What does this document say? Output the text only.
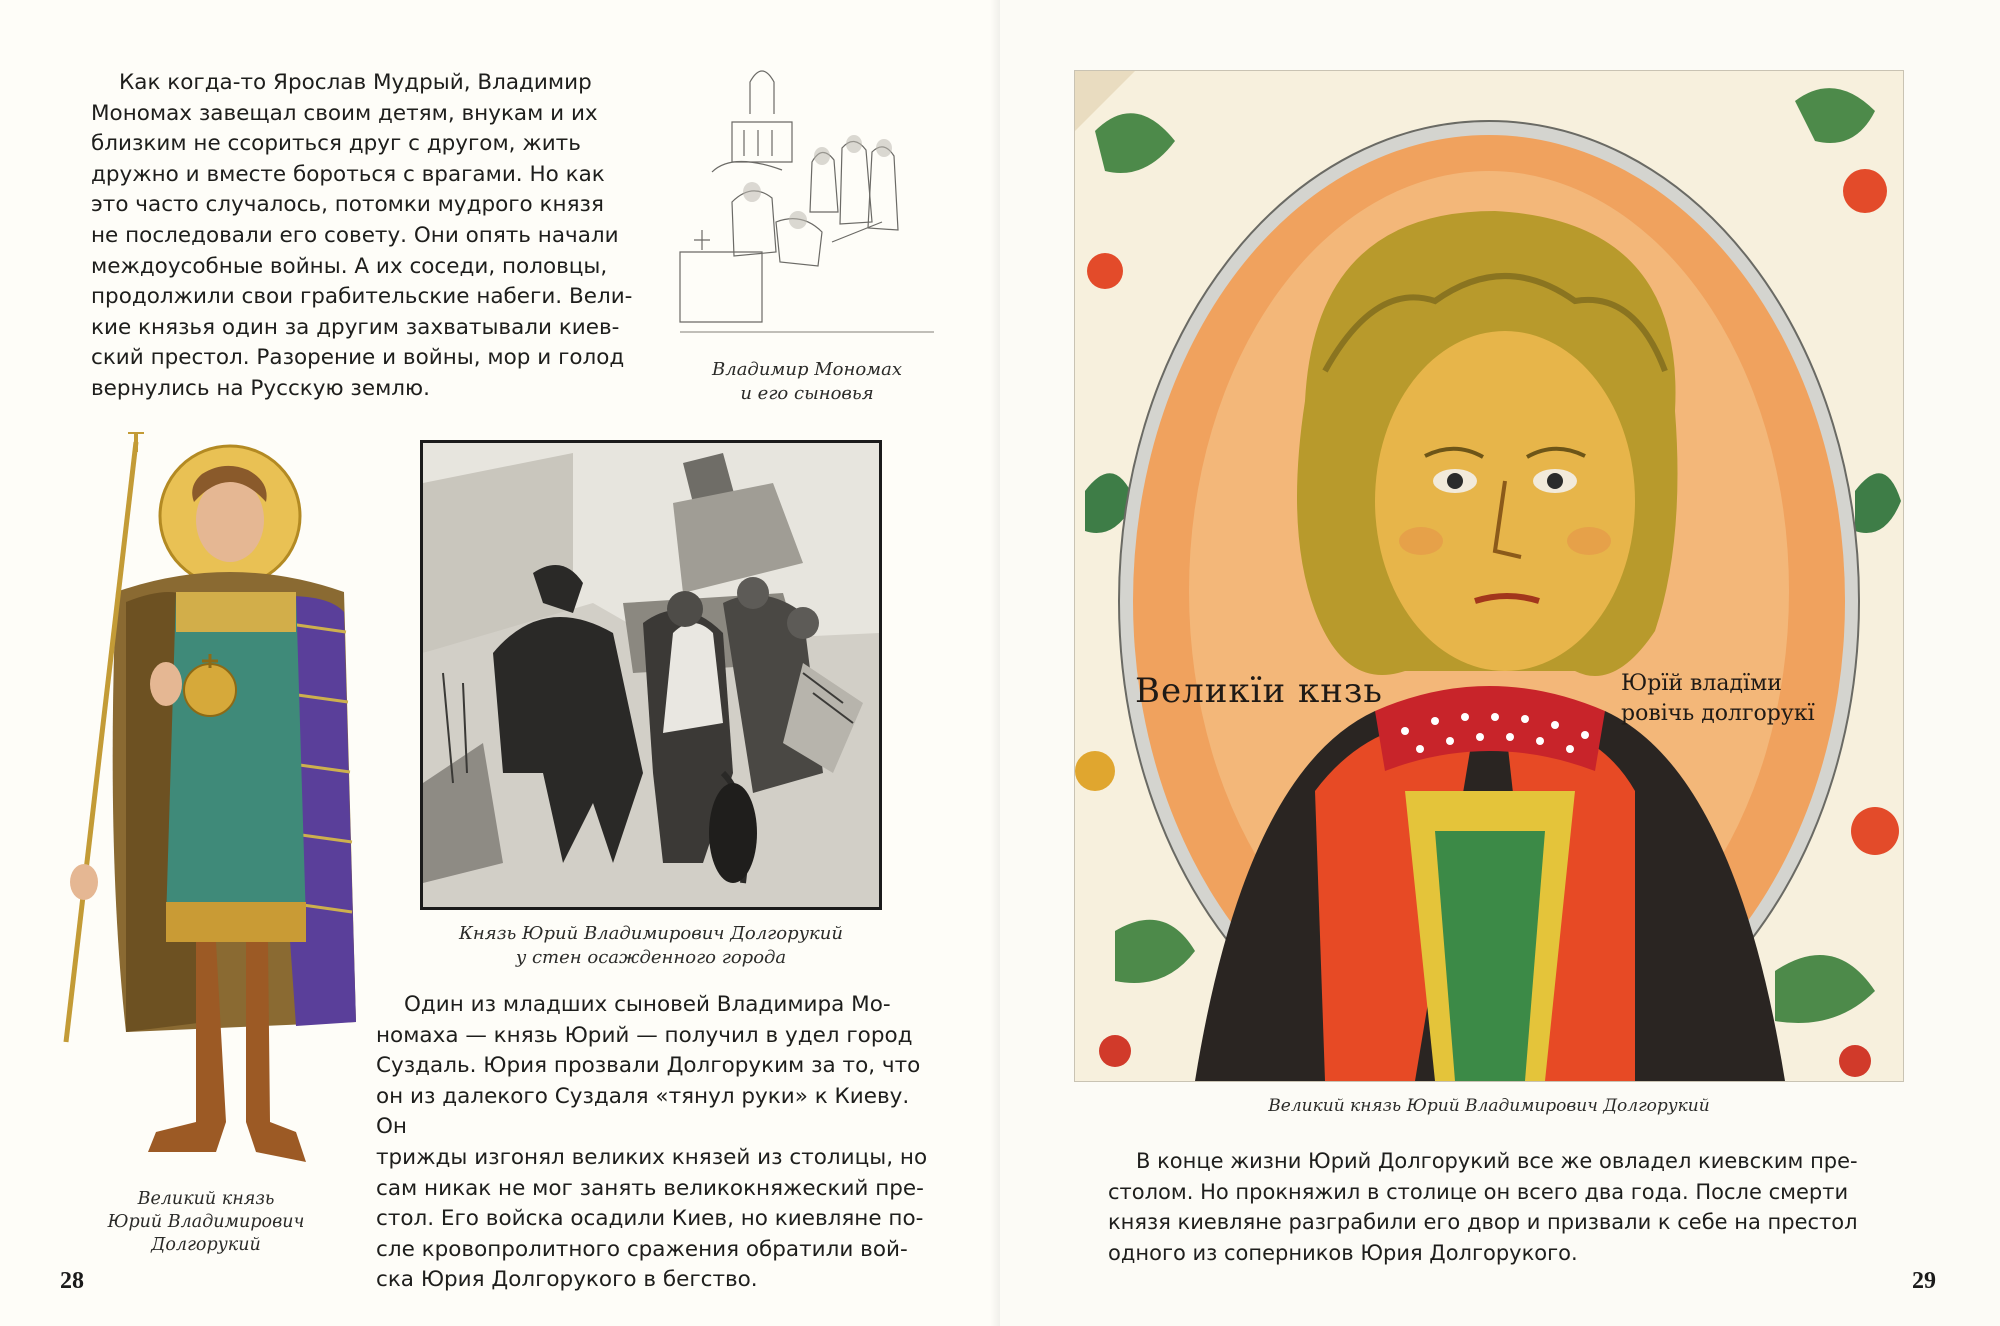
Как когда-то Ярослав Мудрый, Владимир
Мономах завещал своим детям, внукам и их
близким не ссориться друг с другом, жить
дружно и вместе бороться с врагами. Но как
это часто случалось, потомки мудрого князя
не последовали его совету. Они опять начали
междоусобные войны. А их соседи, половцы,
продолжили свои грабительские набеги. Вели-
кие князья один за другим захватывали киев-
ский престол. Разорение и войны, мор и голод
вернулись на Русскую землю.
Владимир Мономах
и его сыновья
Князь Юрий Владимирович Долгорукий
у стен осажденного города
Один из младших сыновей Владимира Мо-
номаха — князь Юрий — получил в удел город
Суздаль. Юрия прозвали Долгоруким за то, что
он из далекого Суздаля «тянул руки» к Киеву. Он
трижды изгонял великих князей из столицы, но
сам никак не мог занять великокняжеский пре-
стол. Его войска осадили Киев, но киевляне по-
сле кровопролитного сражения обратили вой-
ска Юрия Долгорукого в бегство.
Великий князь
Юрий Владимирович
Долгорукий
28
Великїи кнзь	Юрїй владїми
ровічь долгорукї
Великий князь Юрий Владимирович Долгорукий
В конце жизни Юрий Долгорукий все же овладел киевским пре-
столом. Но прокняжил в столице он всего два года. После смерти
князя киевляне разграбили его двор и призвали к себе на престол
одного из соперников Юрия Долгорукого.
29
